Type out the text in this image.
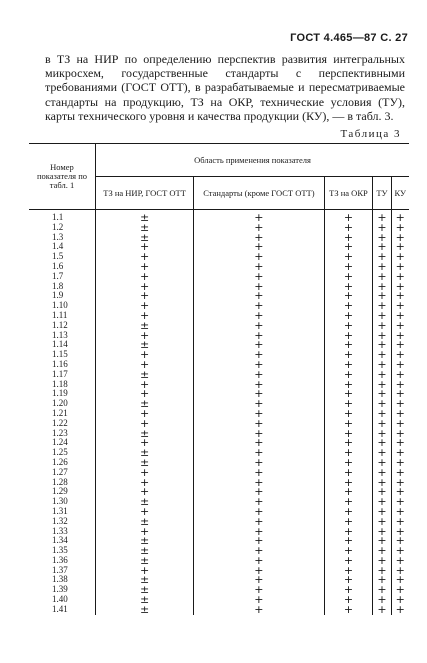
ГОСТ 4.465—87 С. 27
в ТЗ на НИР по определению перспектив развития интегральных микросхем, государственные стандарты с перспективными требованиями (ГОСТ ОТТ), в разрабатываемые и пересматриваемые стандарты на продукцию, ТЗ на ОКР, технические условия (ТУ), карты технического уровня и качества продукции (КУ), — в табл. 3.
Таблица 3
Номер показателя по табл. 1	Область применения показателя				
	ТЗ на НИР, ГОСТ ОТТ	Стандарты (кроме ГОСТ ОТТ)	ТЗ на ОКР	ТУ	КУ
1.1	±	+	+	+	+
1.2	±	+	+	+	+
1.3	±	+	+	+	+
1.4	+	+	+	+	+
1.5	+	+	+	+	+
1.6	+	+	+	+	+
1.7	+	+	+	+	+
1.8	+	+	+	+	+
1.9	+	+	+	+	+
1.10	+	+	+	+	+
1.11	+	+	+	+	+
1.12	±	+	+	+	+
1.13	+	+	+	+	+
1.14	±	+	+	+	+
1.15	+	+	+	+	+
1.16	+	+	+	+	+
1.17	±	+	+	+	+
1.18	+	+	+	+	+
1.19	+	+	+	+	+
1.20	±	+	+	+	+
1.21	+	+	+	+	+
1.22	+	+	+	+	+
1.23	±	+	+	+	+
1.24	+	+	+	+	+
1.25	±	+	+	+	+
1.26	±	+	+	+	+
1.27	+	+	+	+	+
1.28	+	+	+	+	+
1.29	+	+	+	+	+
1.30	±	+	+	+	+
1.31	+	+	+	+	+
1.32	±	+	+	+	+
1.33	+	+	+	+	+
1.34	±	+	+	+	+
1.35	±	+	+	+	+
1.36	±	+	+	+	+
1.37	+	+	+	+	+
1.38	±	+	+	+	+
1.39	±	+	+	+	+
1.40	±	+	+	+	+
1.41	±	+	+	+	+
